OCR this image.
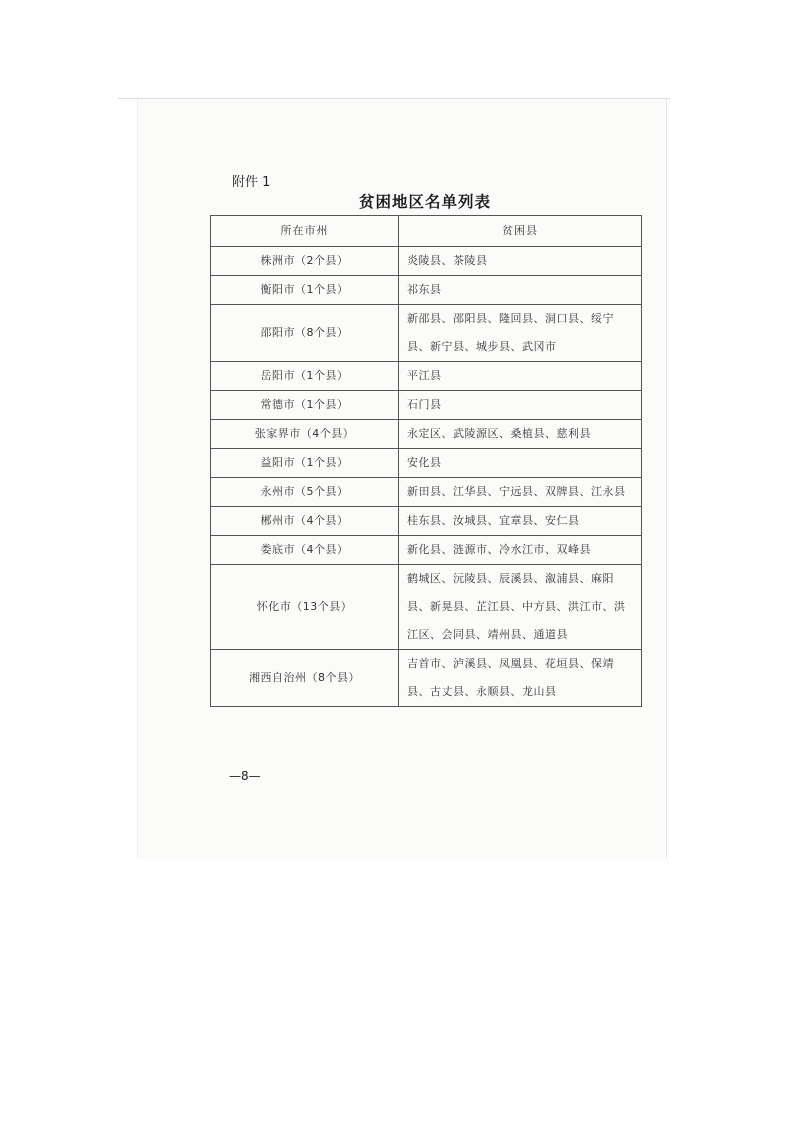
附件 1
贫困地区名单列表
所在市州	贫困县
株洲市（2个县）	炎陵县、茶陵县
衡阳市（1个县）	祁东县
邵阳市（8个县）	新邵县、邵阳县、隆回县、洞口县、绥宁县、新宁县、城步县、武冈市
岳阳市（1个县）	平江县
常德市（1个县）	石门县
张家界市（4个县）	永定区、武陵源区、桑植县、慈利县
益阳市（1个县）	安化县
永州市（5个县）	新田县、江华县、宁远县、双牌县、江永县
郴州市（4个县）	桂东县、汝城县、宜章县、安仁县
娄底市（4个县）	新化县、涟源市、冷水江市、双峰县
怀化市（13个县）	鹤城区、沅陵县、辰溪县、溆浦县、麻阳县、新晃县、芷江县、中方县、洪江市、洪江区、会同县、靖州县、通道县
湘西自治州（8个县）	吉首市、泸溪县、凤凰县、花垣县、保靖县、古丈县、永顺县、龙山县
—8—
